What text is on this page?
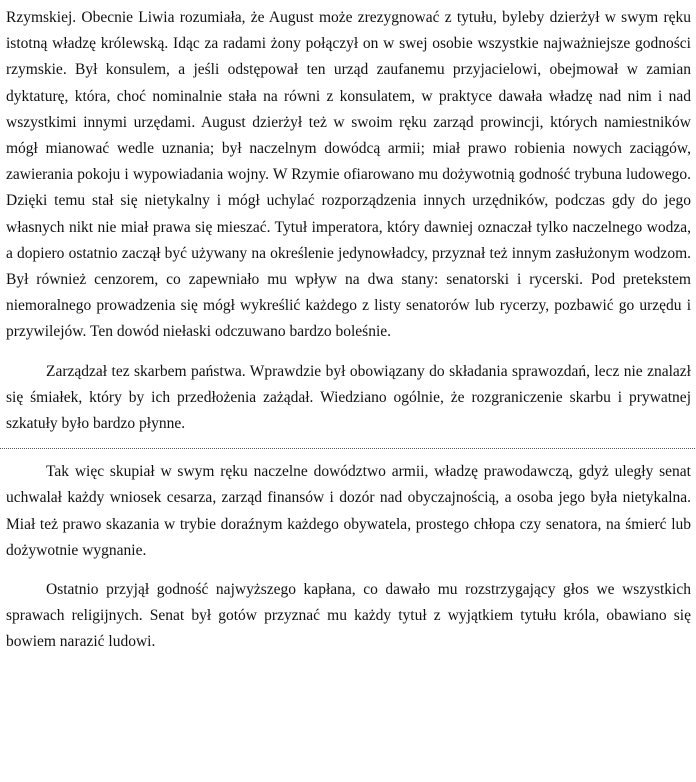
Rzymskiej. Obecnie Liwia rozumiała, że August może zrezygnować z tytułu, byleby dzierżył w swym ręku istotną władzę królewską. Idąc za radami żony połączył on w swej osobie wszystkie najważniejsze godności rzymskie. Był konsulem, a jeśli odstępował ten urząd zaufanemu przyjacielowi, obejmował w zamian dyktaturę, która, choć nominalnie stała na równi z konsulatem, w praktyce dawała władzę nad nim i nad wszystkimi innymi urzędami. August dzierżył też w swoim ręku zarząd prowincji, których namiestników mógł mianować wedle uznania; był naczelnym dowódcą armii; miał prawo robienia nowych zaciągów, zawierania pokoju i wypowiadania wojny. W Rzymie ofiarowano mu dożywotnią godność trybuna ludowego. Dzięki temu stał się nietykalny i mógł uchylać rozporządzenia innych urzędników, podczas gdy do jego własnych nikt nie miał prawa się mieszać. Tytuł imperatora, który dawniej oznaczał tylko naczelnego wodza, a dopiero ostatnio zaczął być używany na określenie jedynowładcy, przyznał też innym zasłużonym wodzom. Był również cenzorem, co zapewniało mu wpływ na dwa stany: senatorski i rycerski. Pod pretekstem niemoralnego prowadzenia się mógł wykreślić każdego z listy senatorów lub rycerzy, pozbawić go urzędu i przywilejów. Ten dowód niełaski odczuwano bardzo boleśnie.

Zarządzał tez skarbem państwa. Wprawdzie był obowiązany do składania sprawozdań, lecz nie znalazł się śmiałek, który by ich przedłożenia zażądał. Wiedziano ogólnie, że rozgraniczenie skarbu i prywatnej szkatuły było bardzo płynne.

Tak więc skupiał w swym ręku naczelne dowództwo armii, władzę prawodawczą, gdyż uległy senat uchwalał każdy wniosek cesarza, zarząd finansów i dozór nad obyczajnością, a osoba jego była nietykalna. Miał też prawo skazania w trybie doraźnym każdego obywatela, prostego chłopa czy senatora, na śmierć lub dożywotnie wygnanie.

Ostatnio przyjął godność najwyższego kapłana, co dawało mu rozstrzygający głos we wszystkich sprawach religijnych. Senat był gotów przyznać mu każdy tytuł z wyjątkiem tytułu króla, obawiano się bowiem narazić ludowi.
